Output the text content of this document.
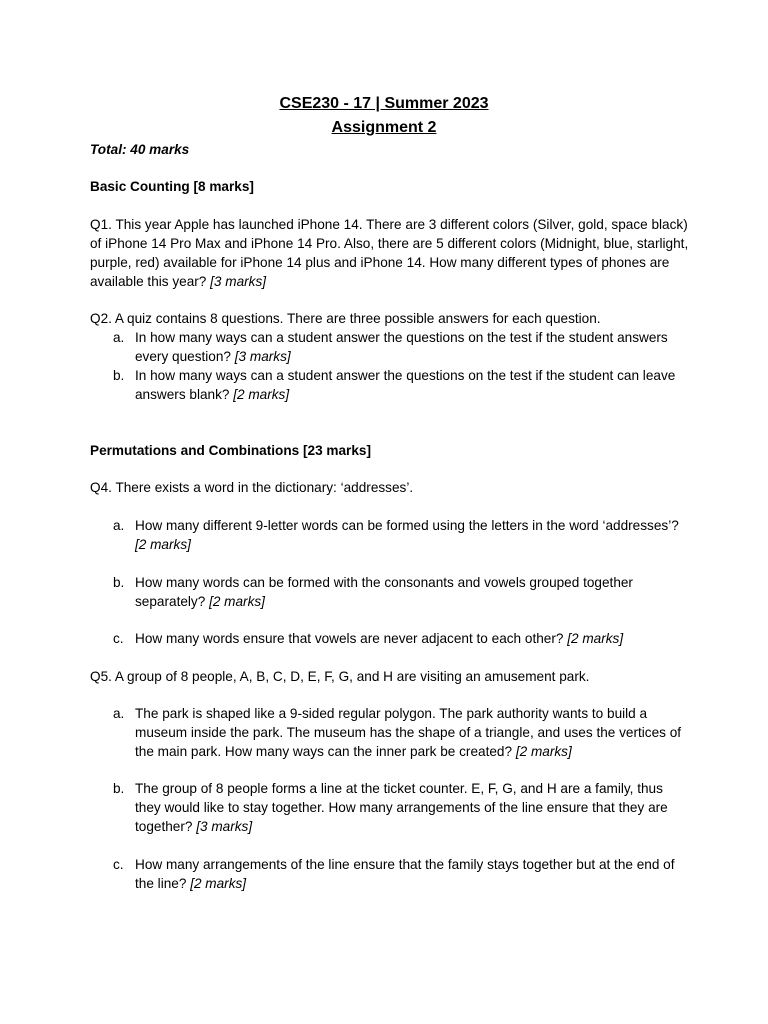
CSE230 - 17 | Summer 2023
Assignment 2
Total: 40 marks
Basic Counting [8 marks]
Q1. This year Apple has launched iPhone 14. There are 3 different colors (Silver, gold, space black) of iPhone 14 Pro Max and iPhone 14 Pro. Also, there are 5 different colors (Midnight, blue, starlight, purple, red) available for iPhone 14 plus and iPhone 14. How many different types of phones are available this year? [3 marks]
Q2. A quiz contains 8 questions. There are three possible answers for each question.
a. In how many ways can a student answer the questions on the test if the student answers every question? [3 marks]
b. In how many ways can a student answer the questions on the test if the student can leave answers blank? [2 marks]
Permutations and Combinations [23 marks]
Q4. There exists a word in the dictionary: ‘addresses’.
a. How many different 9-letter words can be formed using the letters in the word ‘addresses’? [2 marks]
b. How many words can be formed with the consonants and vowels grouped together separately? [2 marks]
c. How many words ensure that vowels are never adjacent to each other? [2 marks]
Q5. A group of 8 people, A, B, C, D, E, F, G, and H are visiting an amusement park.
a. The park is shaped like a 9-sided regular polygon. The park authority wants to build a museum inside the park. The museum has the shape of a triangle, and uses the vertices of the main park. How many ways can the inner park be created? [2 marks]
b. The group of 8 people forms a line at the ticket counter. E, F, G, and H are a family, thus they would like to stay together. How many arrangements of the line ensure that they are together? [3 marks]
c. How many arrangements of the line ensure that the family stays together but at the end of the line? [2 marks]
